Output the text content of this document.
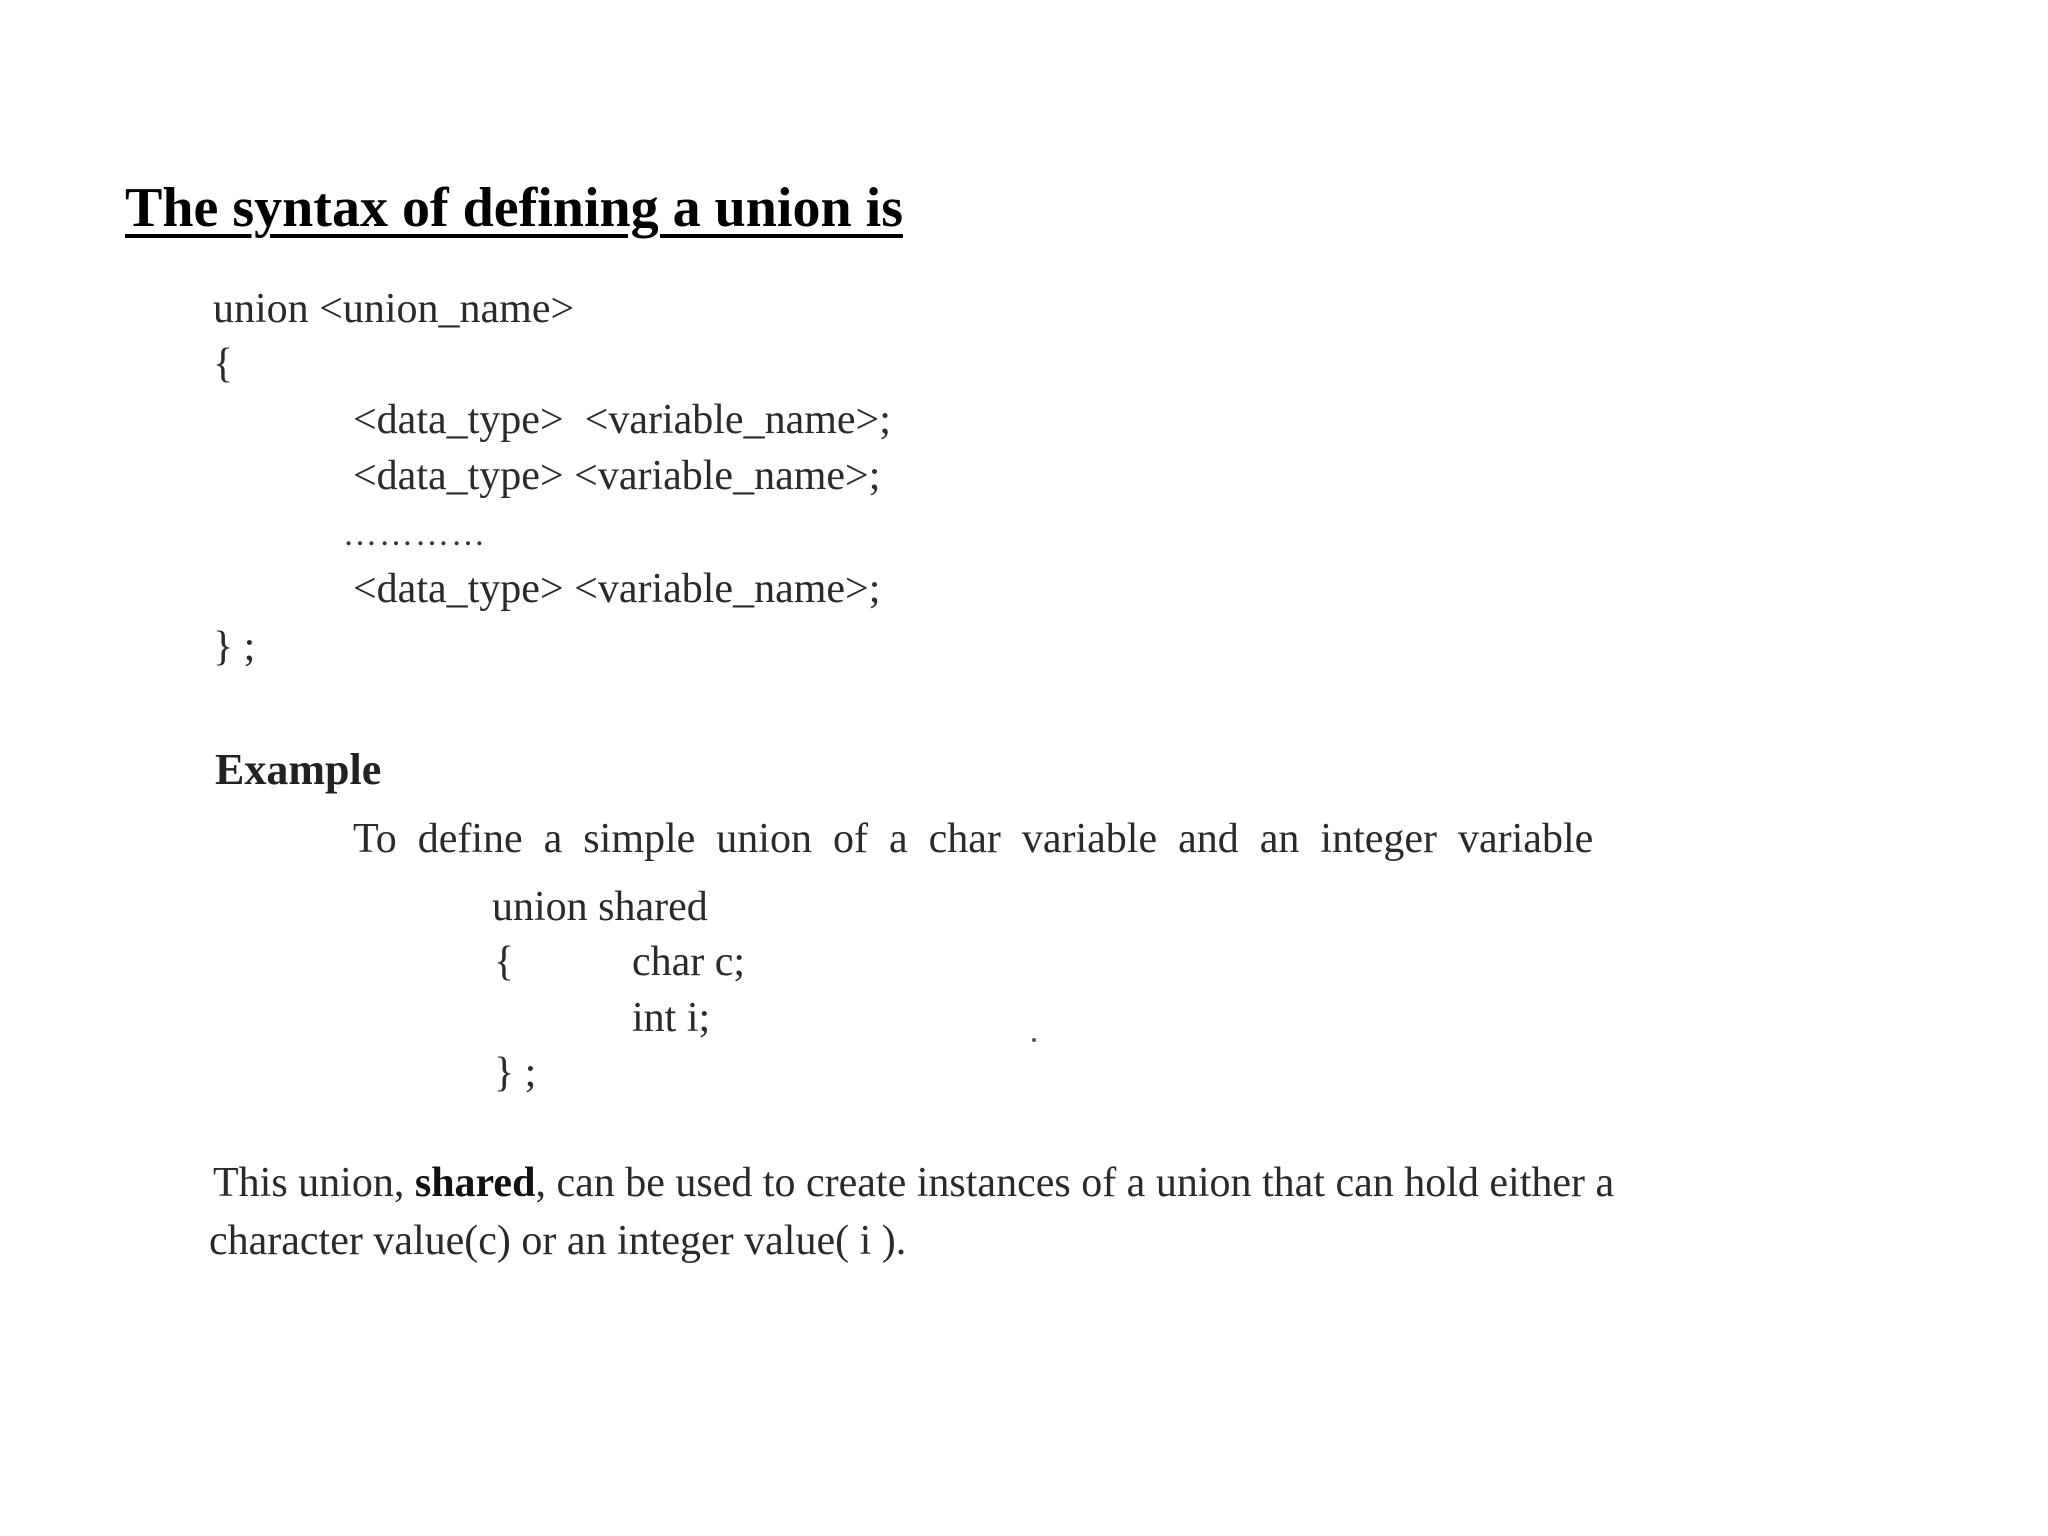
The syntax of defining a union is
union <union_name>
{
<data_type>  <variable_name>;
<data_type> <variable_name>;
…………
<data_type> <variable_name>;
} ;
Example
To  define  a  simple  union  of  a  char  variable  and  an  integer  variable
union shared
{	char c;
int i;
} ;
This union, shared, can be used to create instances of a union that can hold either a
character value(c) or an integer value( i ).
